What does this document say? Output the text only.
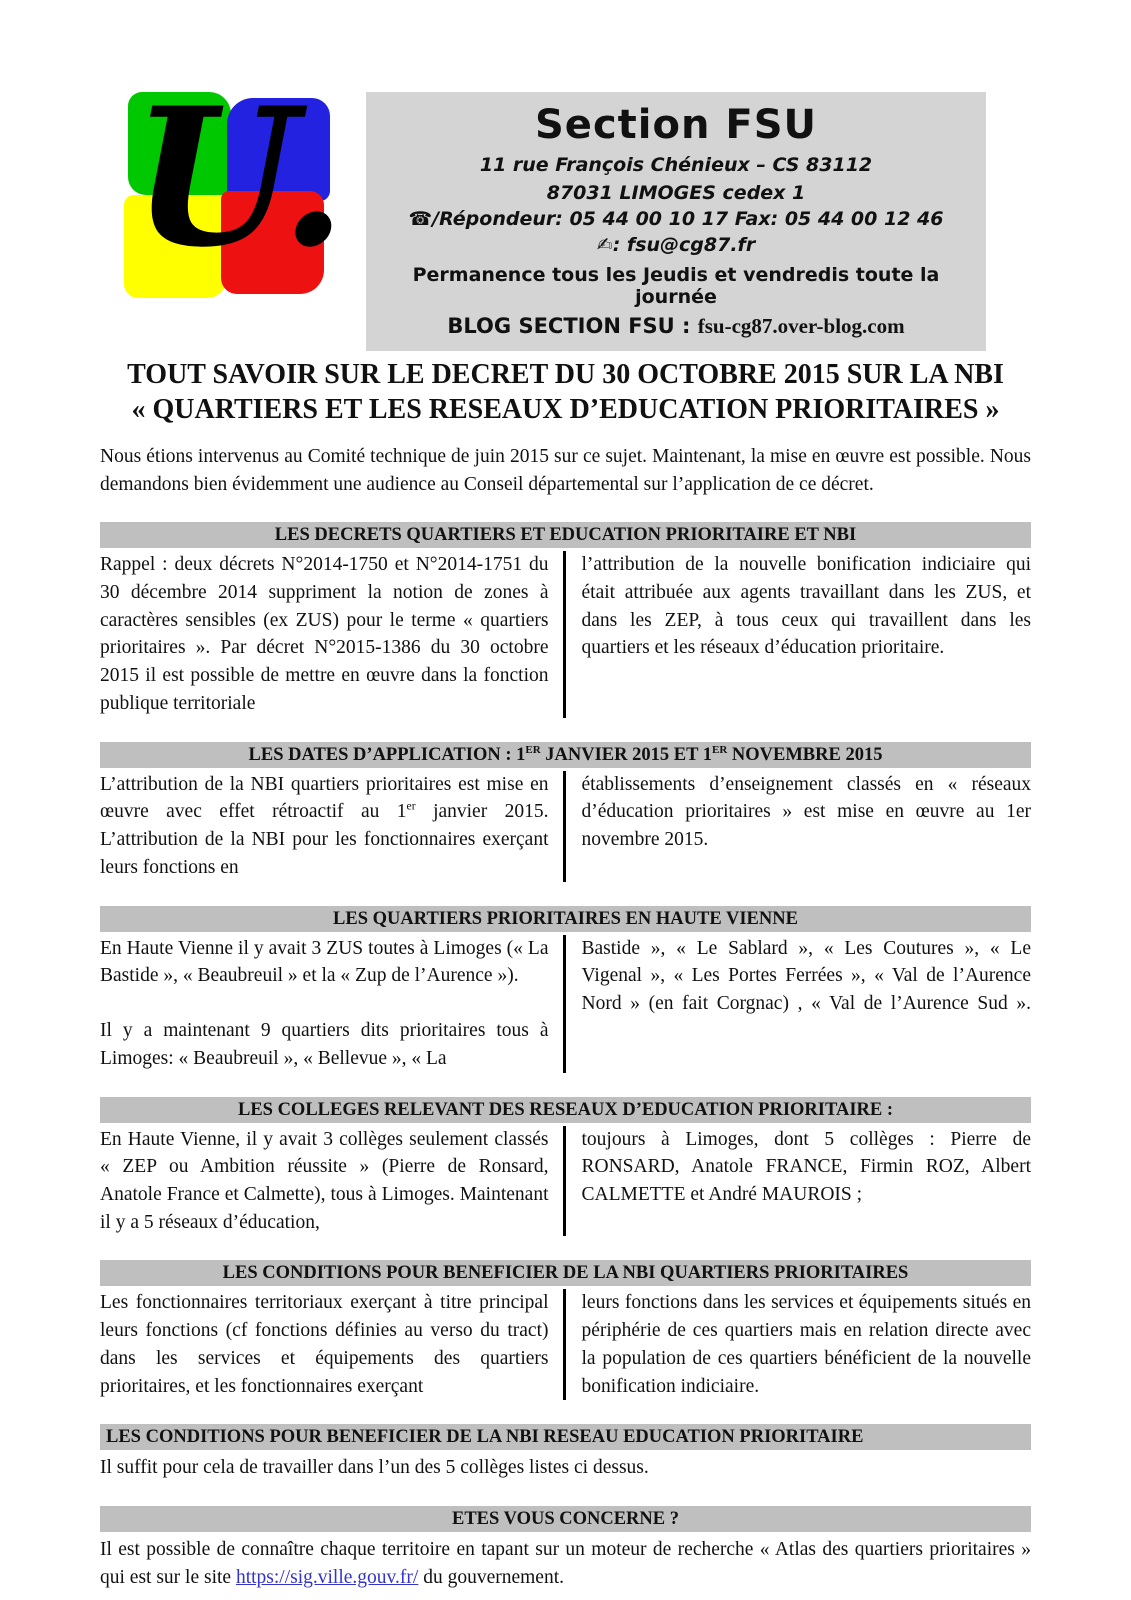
U.	Section FSU
11 rue François Chénieux – CS 83112
87031 LIMOGES cedex 1
☎/Répondeur: 05 44 00 10 17 Fax: 05 44 00 12 46
✍: fsu@cg87.fr
Permanence tous les Jeudis et vendredis toute la journée
BLOG SECTION FSU : fsu-cg87.over-blog.com
TOUT SAVOIR SUR LE DECRET DU 30 OCTOBRE 2015 SUR LA NBI
« QUARTIERS ET LES RESEAUX D’EDUCATION PRIORITAIRES »

Nous étions intervenus au Comité technique de juin 2015 sur ce sujet. Maintenant, la mise en œuvre est possible. Nous demandons bien évidemment une audience au Conseil départemental sur l’application de ce décret.

LES DECRETS QUARTIERS ET EDUCATION PRIORITAIRE ET NBI

Rappel : deux décrets N°2014-1750 et N°2014-1751 du 30 décembre 2014 suppriment la notion de zones à caractères sensibles (ex ZUS) pour le terme « quartiers prioritaires ». Par décret N°2015-1386 du 30 octobre 2015 il est possible de mettre en œuvre dans la fonction publique territoriale

l’attribution de la nouvelle bonification indiciaire qui était attribuée aux agents travaillant dans les ZUS, et dans les ZEP, à tous ceux qui travaillent dans les quartiers et les réseaux d’éducation prioritaire.

LES DATES D’APPLICATION : 1ER JANVIER 2015 ET 1ER NOVEMBRE 2015

L’attribution de la NBI quartiers prioritaires est mise en œuvre avec effet rétroactif au 1er janvier 2015. L’attribution de la NBI pour les fonctionnaires exerçant leurs fonctions en

établissements d’enseignement classés en « réseaux d’éducation prioritaires » est mise en œuvre au 1er novembre 2015.

LES QUARTIERS PRIORITAIRES EN HAUTE VIENNE

En Haute Vienne il y avait 3 ZUS toutes à Limoges (« La Bastide », « Beaubreuil » et la « Zup de l’Aurence »).

Il y a maintenant 9 quartiers dits prioritaires tous à Limoges: « Beaubreuil », « Bellevue », « La

Bastide », « Le Sablard », « Les Coutures », « Le Vigenal », « Les Portes Ferrées », « Val de l’Aurence Nord » (en fait Corgnac) , « Val de l’Aurence Sud ».

LES COLLEGES RELEVANT DES RESEAUX D’EDUCATION PRIORITAIRE :

En Haute Vienne, il y avait 3 collèges seulement classés « ZEP ou Ambition réussite » (Pierre de Ronsard, Anatole France et Calmette), tous à Limoges. Maintenant il y a 5 réseaux d’éducation,

toujours à Limoges, dont 5 collèges : Pierre de RONSARD, Anatole FRANCE, Firmin ROZ, Albert CALMETTE et André MAUROIS ;

LES CONDITIONS POUR BENEFICIER DE LA NBI QUARTIERS PRIORITAIRES

Les fonctionnaires territoriaux exerçant à titre principal leurs fonctions (cf fonctions définies au verso du tract) dans les services et équipements des quartiers prioritaires, et les fonctionnaires exerçant

leurs fonctions dans les services et équipements situés en périphérie de ces quartiers mais en relation directe avec la population de ces quartiers bénéficient de la nouvelle bonification indiciaire.

LES CONDITIONS POUR BENEFICIER DE LA NBI RESEAU EDUCATION PRIORITAIRE

Il suffit pour cela de travailler dans l’un des 5 collèges listes ci dessus.

ETES VOUS CONCERNE ?

Il est possible de connaître chaque territoire en tapant sur un moteur de recherche « Atlas des quartiers prioritaires » qui est sur le site https://sig.ville.gouv.fr/ du gouvernement.
